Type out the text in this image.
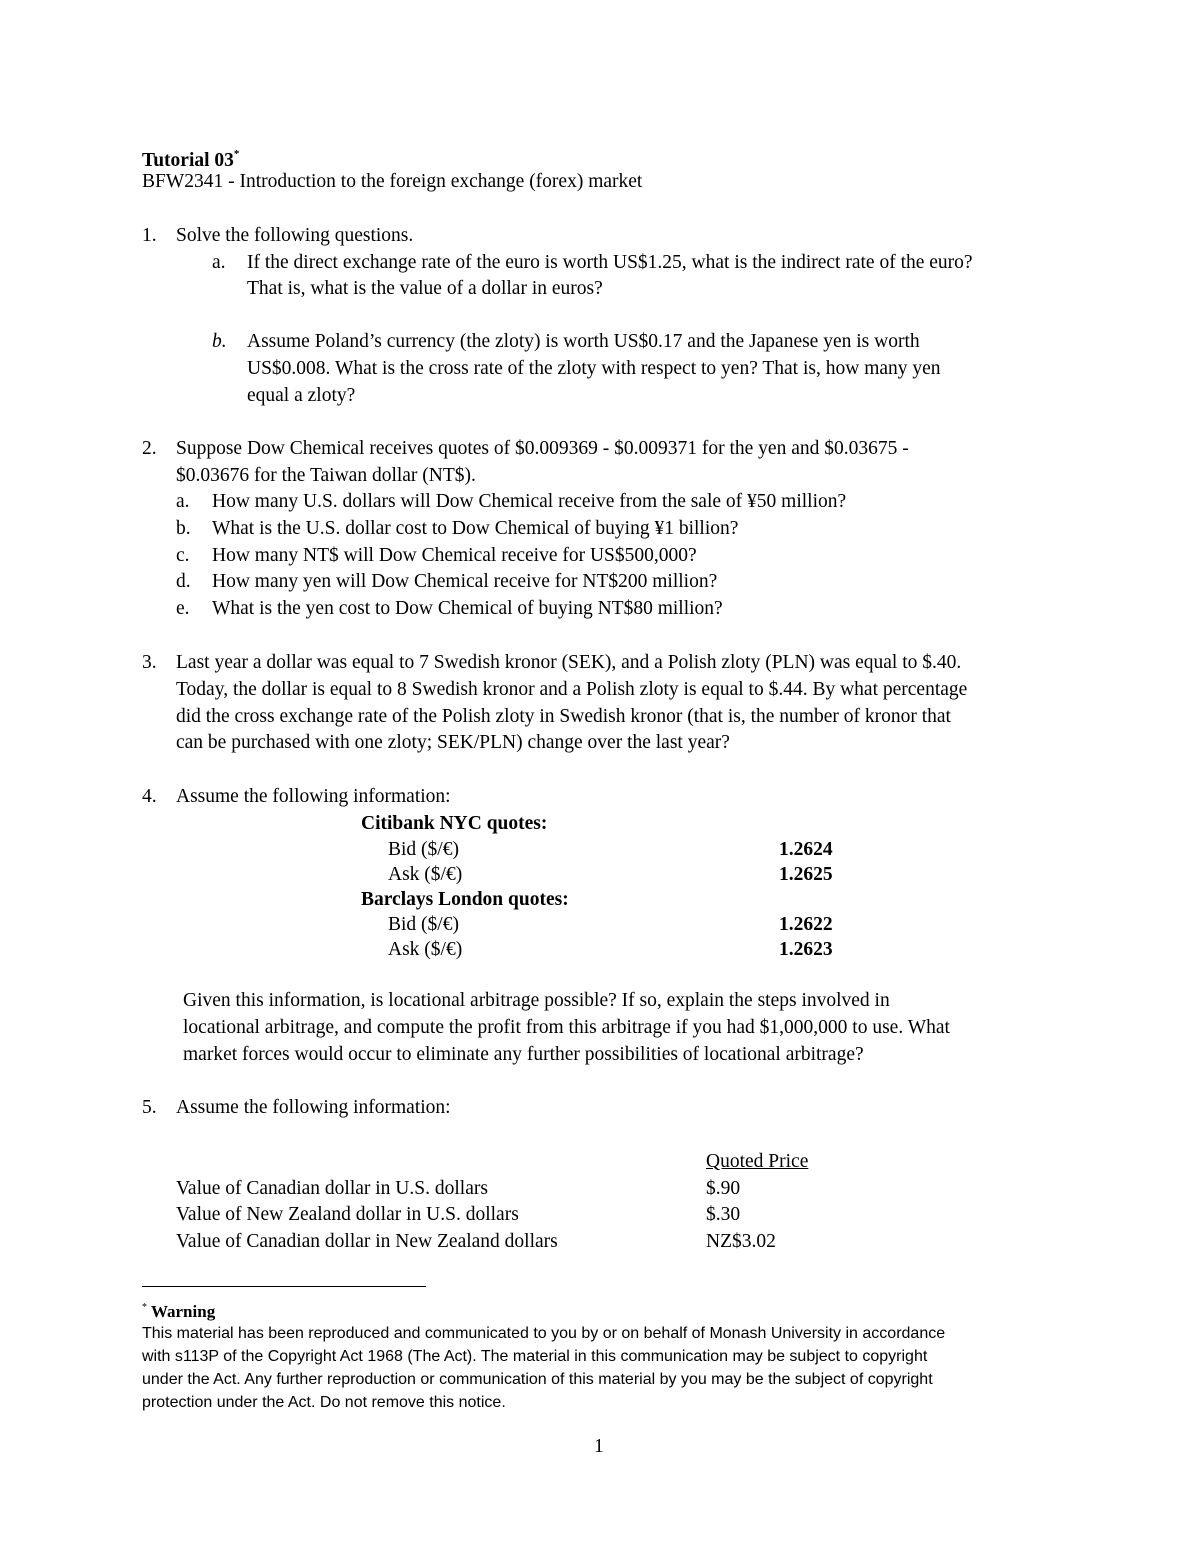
Tutorial 03*
BFW2341 - Introduction to the foreign exchange (forex) market
1. Solve the following questions.
a. If the direct exchange rate of the euro is worth US$1.25, what is the indirect rate of the euro?
That is, what is the value of a dollar in euros?
b. Assume Poland’s currency (the zloty) is worth US$0.17 and the Japanese yen is worth
US$0.008. What is the cross rate of the zloty with respect to yen? That is, how many yen
equal a zloty?
2. Suppose Dow Chemical receives quotes of $0.009369 - $0.009371 for the yen and $0.03675 -
$0.03676 for the Taiwan dollar (NT$).
a. How many U.S. dollars will Dow Chemical receive from the sale of ¥50 million?
b. What is the U.S. dollar cost to Dow Chemical of buying ¥1 billion?
c. How many NT$ will Dow Chemical receive for US$500,000?
d. How many yen will Dow Chemical receive for NT$200 million?
e. What is the yen cost to Dow Chemical of buying NT$80 million?
3. Last year a dollar was equal to 7 Swedish kronor (SEK), and a Polish zloty (PLN) was equal to $.40.
Today, the dollar is equal to 8 Swedish kronor and a Polish zloty is equal to $.44. By what percentage
did the cross exchange rate of the Polish zloty in Swedish kronor (that is, the number of kronor that
can be purchased with one zloty; SEK/PLN) change over the last year?
4. Assume the following information:
Citibank NYC quotes:
Bid ($/€)	1.2624
Ask ($/€)	1.2625
Barclays London quotes:
Bid ($/€)	1.2622
Ask ($/€)	1.2623
Given this information, is locational arbitrage possible? If so, explain the steps involved in
locational arbitrage, and compute the profit from this arbitrage if you had $1,000,000 to use. What
market forces would occur to eliminate any further possibilities of locational arbitrage?
5. Assume the following information:
Quoted Price
Value of Canadian dollar in U.S. dollars	$.90
Value of New Zealand dollar in U.S. dollars	$.30
Value of Canadian dollar in New Zealand dollars	NZ$3.02
* Warning
This material has been reproduced and communicated to you by or on behalf of Monash University in accordance
with s113P of the Copyright Act 1968 (The Act). The material in this communication may be subject to copyright
under the Act. Any further reproduction or communication of this material by you may be the subject of copyright
protection under the Act. Do not remove this notice.
1
